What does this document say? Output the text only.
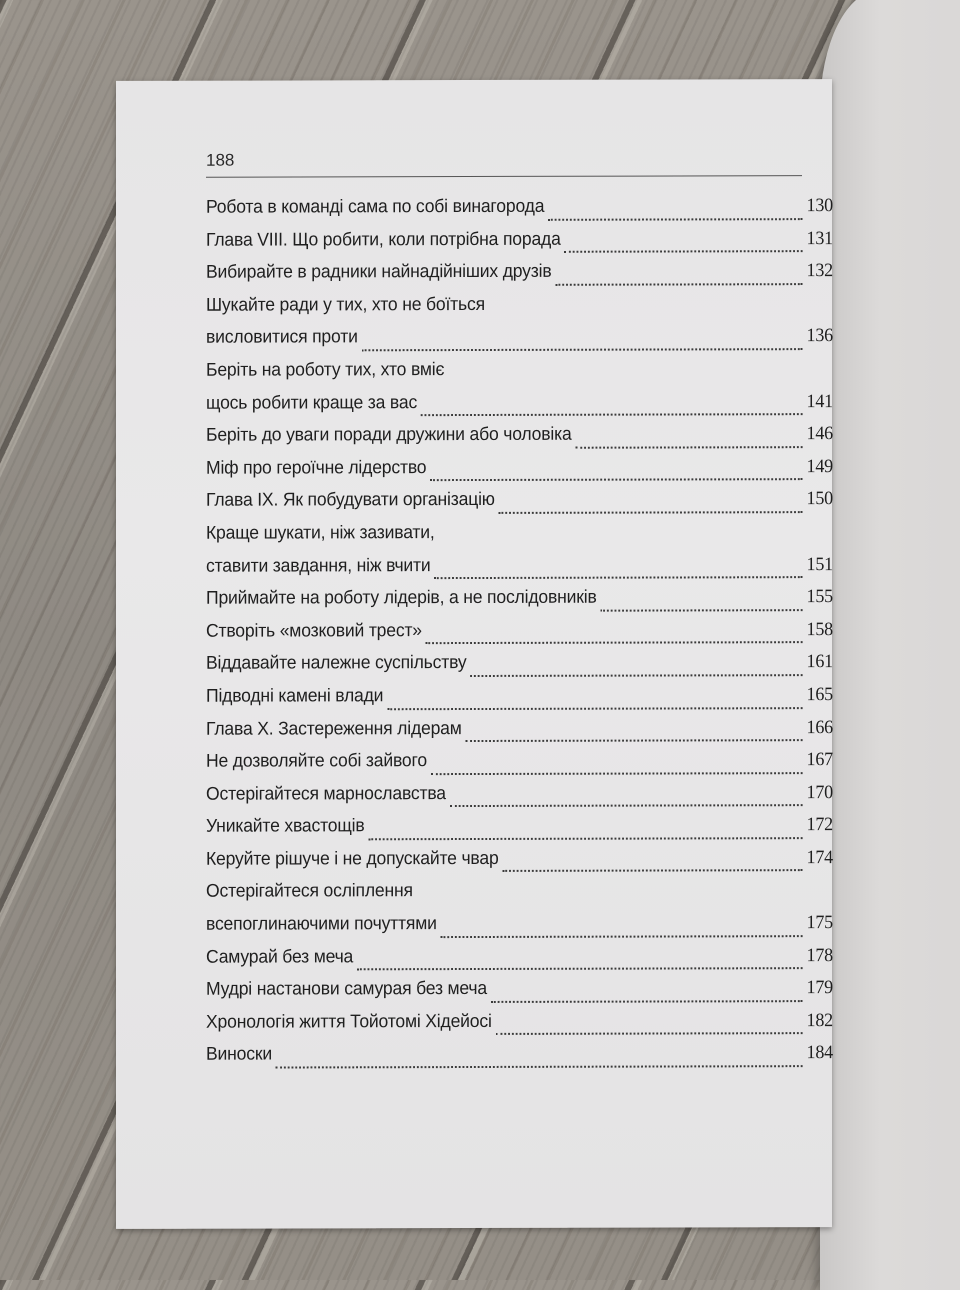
188
Робота в команді сама по собі винагорода	130
Глава VIII. Що робити, коли потрібна порада	131
Вибирайте в радники найнадійніших друзів	132
Шукайте ради у тих, хто не боїться
висловитися проти	136
Беріть на роботу тих, хто вміє
щось робити краще за вас	141
Беріть до уваги поради дружини або чоловіка	146
Міф про героїчне лідерство	149
Глава IX. Як побудувати організацію	150
Краще шукати, ніж зазивати,
ставити завдання, ніж вчити	151
Приймайте на роботу лідерів, а не послідовників	155
Створіть «мозковий трест»	158
Віддавайте належне суспільству	161
Підводні камені влади	165
Глава X. Застереження лідерам	166
Не дозволяйте собі зайвого	167
Остерігайтеся марнославства	170
Уникайте хвастощів	172
Керуйте рішуче і не допускайте чвар	174
Остерігайтеся осліплення
всепоглинаючими почуттями	175
Самурай без меча	178
Мудрі настанови самурая без меча	179
Хронологія життя Тойотомі Хідейосі	182
Виноски	184
